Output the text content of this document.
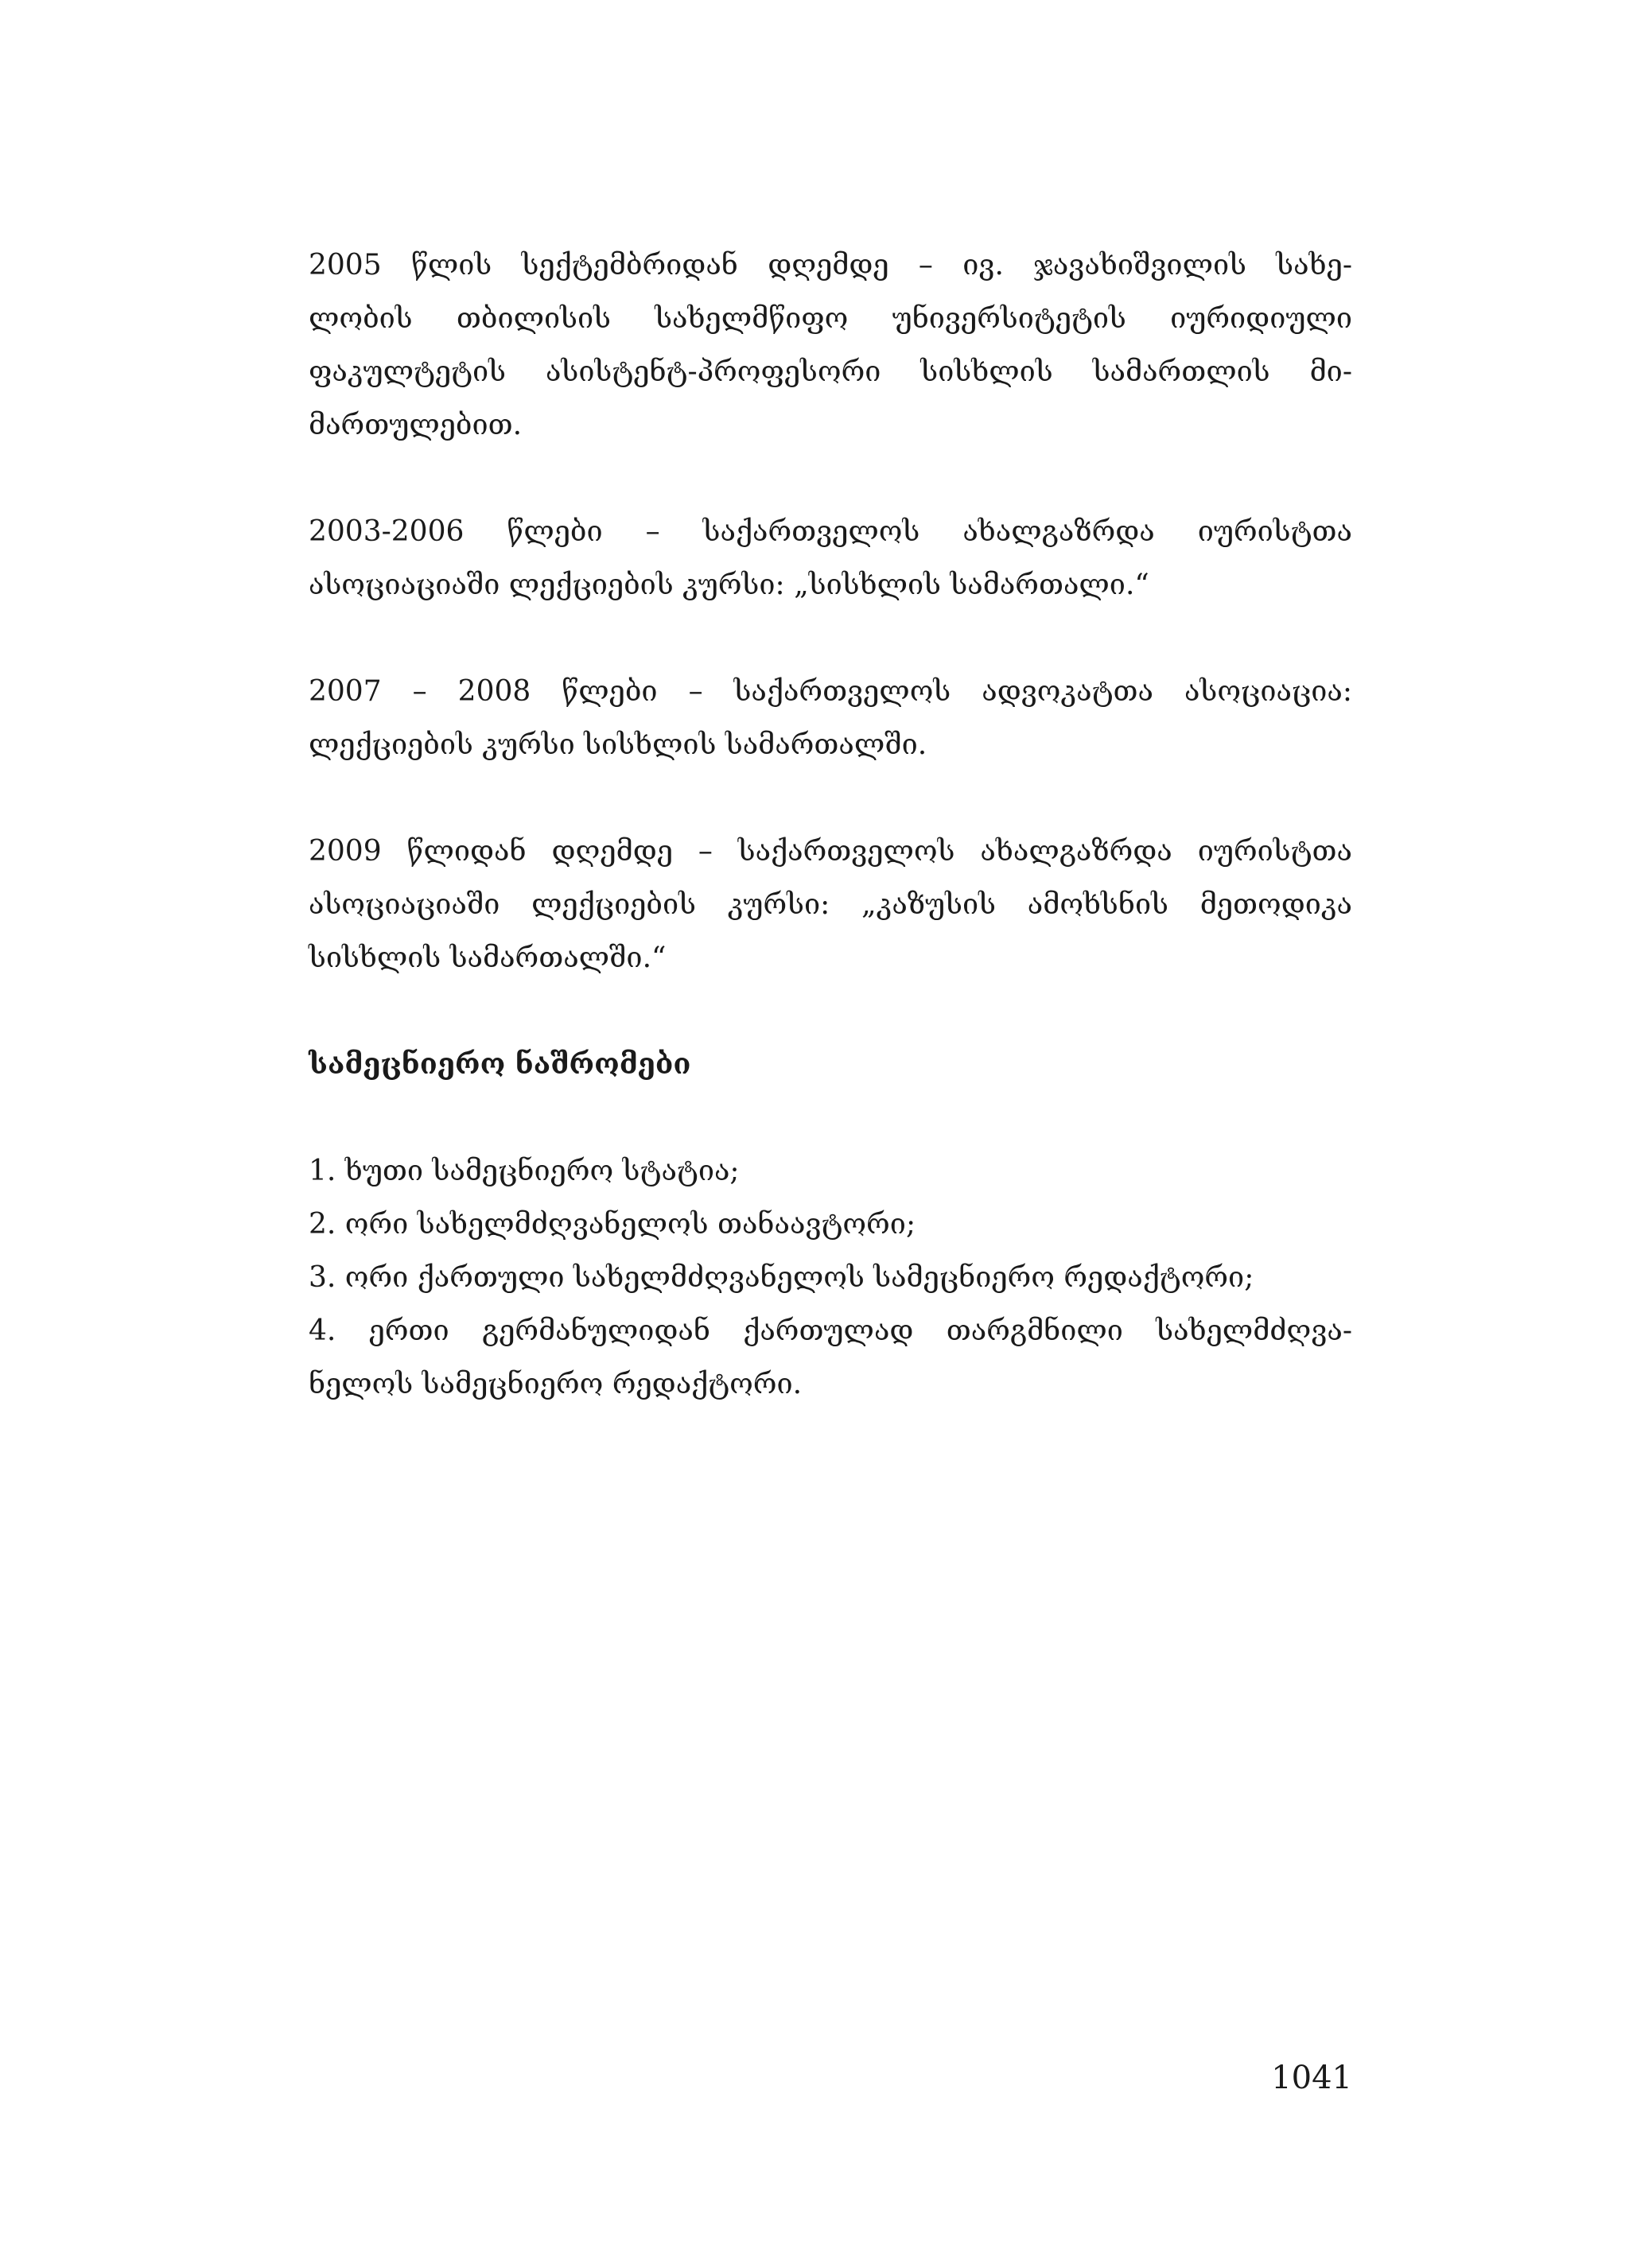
2005 წლის სექტემბრიდან დღემდე – ივ. ჯავახიშვილის სახე-
ლობის თბილისის სახელმწიფო უნივერსიტეტის იურიდიული
ფაკულტეტის ასისტენტ-პროფესორი სისხლის სამართლის მი-
მართულებით.
2003-2006 წლები – საქართველოს ახალგაზრდა იურისტთა
ასოციაციაში ლექციების კურსი: „სისხლის სამართალი.“
2007 – 2008 წლები – საქართველოს ადვოკატთა ასოციაცია:
ლექციების კურსი სისხლის სამართალში.
2009 წლიდან დღემდე – საქართველოს ახალგაზრდა იურისტთა
ასოციაციაში ლექციების კურსი: „კაზუსის ამოხსნის მეთოდიკა
სისხლის სამართალში.“
სამეცნიერო ნაშრომები
1. ხუთი სამეცნიერო სტატია;
2. ორი სახელმძღვანელოს თანაავტორი;
3. ორი ქართული სახელმძღვანელოს სამეცნიერო რედაქტორი;
4. ერთი გერმანულიდან ქართულად თარგმნილი სახელმძღვა-
ნელოს სამეცნიერო რედაქტორი.
1041
